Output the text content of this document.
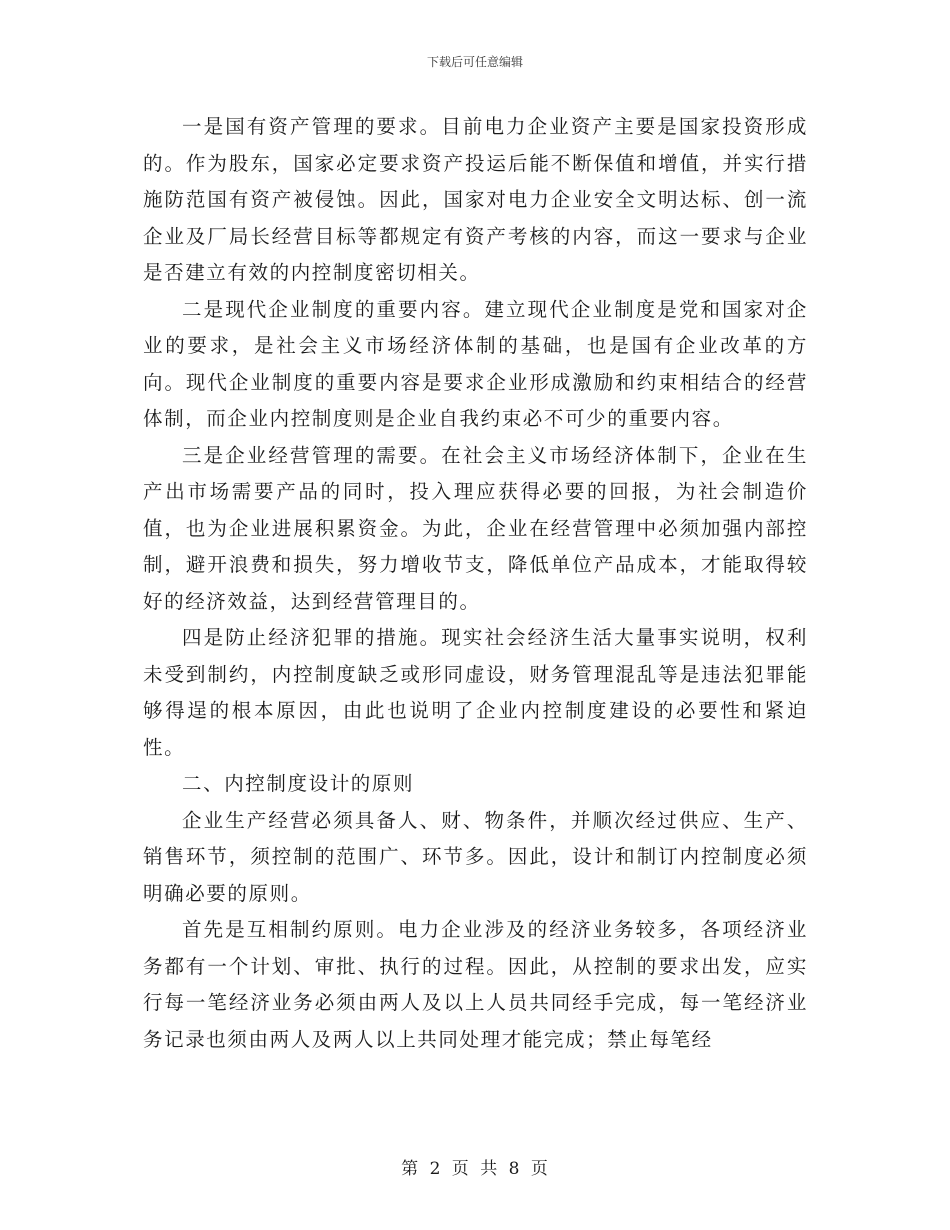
下载后可任意编辑

一是国有资产管理的要求。目前电力企业资产主要是国家投资形成的。作为股东，国家必定要求资产投运后能不断保值和增值，并实行措施防范国有资产被侵蚀。因此，国家对电力企业安全文明达标、创一流企业及厂局长经营目标等都规定有资产考核的内容，而这一要求与企业是否建立有效的内控制度密切相关。

二是现代企业制度的重要内容。建立现代企业制度是党和国家对企业的要求，是社会主义市场经济体制的基础，也是国有企业改革的方向。现代企业制度的重要内容是要求企业形成激励和约束相结合的经营体制，而企业内控制度则是企业自我约束必不可少的重要内容。

三是企业经营管理的需要。在社会主义市场经济体制下，企业在生产出市场需要产品的同时，投入理应获得必要的回报，为社会制造价值，也为企业进展积累资金。为此，企业在经营管理中必须加强内部控制，避开浪费和损失，努力增收节支，降低单位产品成本，才能取得较好的经济效益，达到经营管理目的。

四是防止经济犯罪的措施。现实社会经济生活大量事实说明，权利未受到制约，内控制度缺乏或形同虚设，财务管理混乱等是违法犯罪能够得逞的根本原因，由此也说明了企业内控制度建设的必要性和紧迫性。

二、内控制度设计的原则

企业生产经营必须具备人、财、物条件，并顺次经过供应、生产、销售环节，须控制的范围广、环节多。因此，设计和制订内控制度必须明确必要的原则。

首先是互相制约原则。电力企业涉及的经济业务较多，各项经济业务都有一个计划、审批、执行的过程。因此，从控制的要求出发，应实行每一笔经济业务必须由两人及以上人员共同经手完成，每一笔经济业务记录也须由两人及两人以上共同处理才能完成；禁止每笔经

第 2 页 共 8 页
